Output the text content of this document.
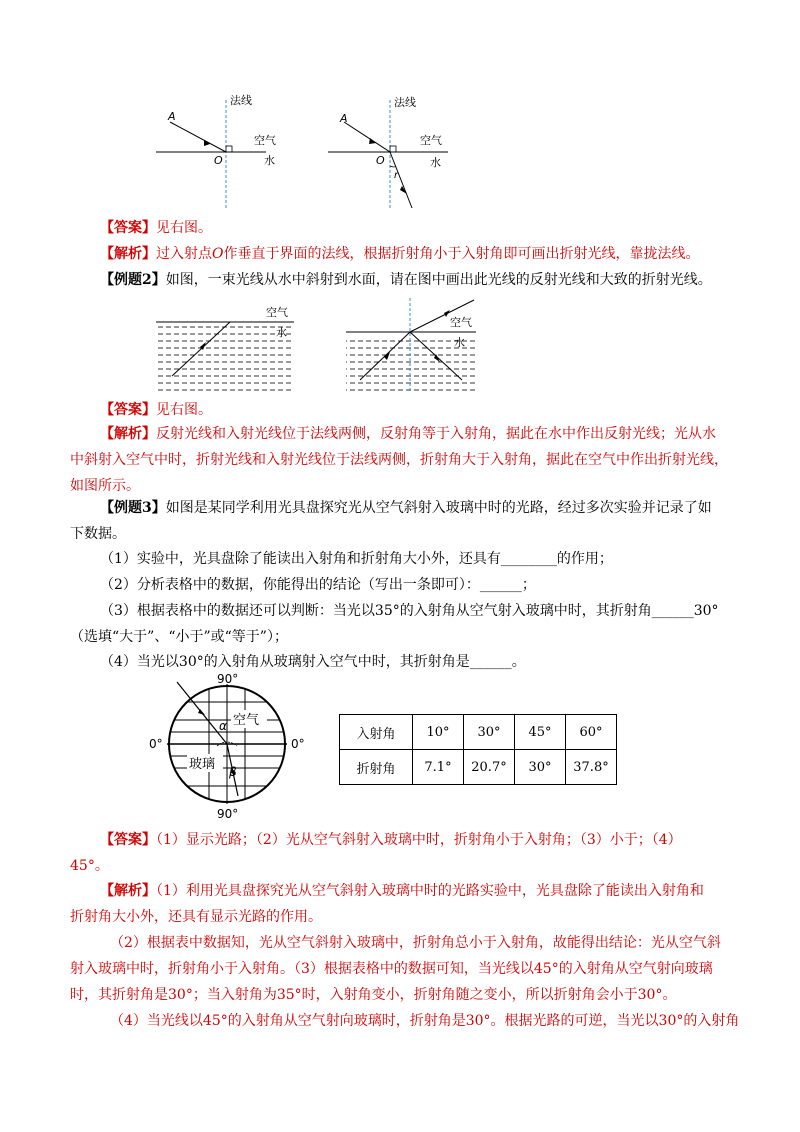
法线
A
O
空气
水
法线
A
O
空气
水
r
【答案】见右图。
【解析】过入射点O作垂直于界面的法线，根据折射角小于入射角即可画出折射光线，靠拢法线。
【例题2】如图，一束光线从水中斜射到水面，请在图中画出此光线的反射光线和大致的折射光线。
空气
水
空气
水
【答案】见右图。
【解析】反射光线和入射光线位于法线两侧，反射角等于入射角，据此在水中作出反射光线；光从水
中斜射入空气中时，折射光线和入射光线位于法线两侧，折射角大于入射角，据此在空气中作出折射光线，
如图所示。
【例题3】如图是某同学利用光具盘探究光从空气斜射入玻璃中时的光路，经过多次实验并记录了如
下数据。
（1）实验中，光具盘除了能读出入射角和折射角大小外，还具有________的作用；
（2）分析表格中的数据，你能得出的结论（写出一条即可）：______；
（3）根据表格中的数据还可以判断：当光以35°的入射角从空气射入玻璃中时，其折射角______30°
（选填“大于”、“小于”或“等于”）；
（4）当光以30°的入射角从玻璃射入空气中时，其折射角是______。
90°
90°
0°	0°
空气
玻璃
α
β
入射角	10°	30°	45°	60°
折射角	7.1°	20.7°	30°	37.8°
【答案】（1）显示光路；（2）光从空气斜射入玻璃中时，折射角小于入射角；（3）小于；（4）
45°。
【解析】（1）利用光具盘探究光从空气斜射入玻璃中时的光路实验中，光具盘除了能读出入射角和
折射角大小外，还具有显示光路的作用。
（2）根据表中数据知，光从空气斜射入玻璃中，折射角总小于入射角，故能得出结论：光从空气斜
射入玻璃中时，折射角小于入射角。（3）根据表格中的数据可知，当光线以45°的入射角从空气射向玻璃
时，其折射角是30°；当入射角为35°时，入射角变小，折射角随之变小，所以折射角会小于30°。
（4）当光线以45°的入射角从空气射向玻璃时，折射角是30°。根据光路的可逆，当光以30°的入射角
